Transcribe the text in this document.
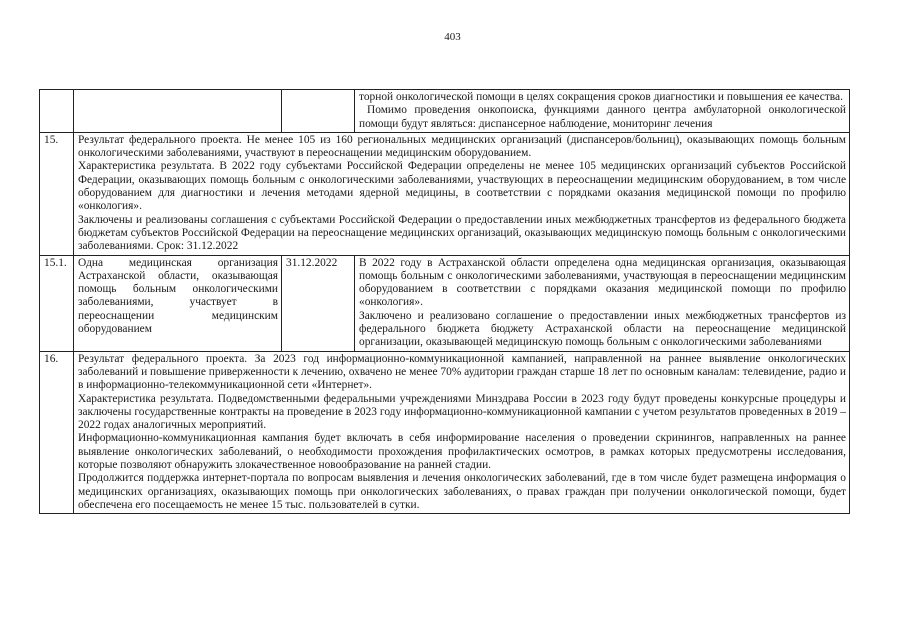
403

			торной онкологической помощи в целях сокращения сроков диагностики и повышения ее качества.

Помимо проведения онкопоиска, функциями данного центра амбулаторной онкологической помощи будут являться: диспансерное наблюдение, мониторинг лечения

15.	Результат федерального проекта. Не менее 105 из 160 региональных медицинских организаций (диспансеров/больниц), оказывающих помощь больным онкологическими заболеваниями, участвуют в переоснащении медицинским оборудованием.

Характеристика результата. В 2022 году субъектами Российской Федерации определены не менее 105 медицинских организаций субъектов Российской Федерации, оказывающих помощь больным с онкологическими заболеваниями, участвующих в переоснащении медицинским оборудованием, в том числе оборудованием для диагностики и лечения методами ядерной медицины, в соответствии с порядками оказания медицинской помощи по профилю «онкология».

Заключены и реализованы соглашения с субъектами Российской Федерации о предоставлении иных межбюджетных трансфертов из федерального бюджета бюджетам субъектов Российской Федерации на переоснащение медицинских организаций, оказывающих медицинскую помощь больным с онкологическими заболеваниями. Срок: 31.12.2022		

15.1.	Одна медицинская организация Астраханской области, оказывающая помощь больным онкологическими заболеваниями, участвует в переоснащении медицинским оборудованием	31.12.2022	В 2022 году в Астраханской области определена одна медицинская организация, оказывающая помощь больным с онкологическими заболеваниями, участвующая в переоснащении медицинским оборудованием в соответствии с порядками оказания медицинской помощи по профилю «онкология».

Заключено и реализовано соглашение о предоставлении иных межбюджетных трансфертов из федерального бюджета бюджету Астраханской области на переоснащение медицинской организации, оказывающей медицинскую помощь больным с онкологическими заболеваниями

16.	Результат федерального проекта. За 2023 год информационно-коммуникационной кампанией, направленной на раннее выявление онкологических заболеваний и повышение приверженности к лечению, охвачено не менее 70% аудитории граждан старше 18 лет по основным каналам: телевидение, радио и в информационно-телекоммуникационной сети «Интернет».

Характеристика результата. Подведомственными федеральными учреждениями Минздрава России в 2023 году будут проведены конкурсные процедуры и заключены государственные контракты на проведение в 2023 году информационно-коммуникационной кампании с учетом результатов проведенных в 2019 – 2022 годах аналогичных мероприятий.

Информационно-коммуникационная кампания будет включать в себя информирование населения о проведении скринингов, направленных на раннее выявление онкологических заболеваний, о необходимости прохождения профилактических осмотров, в рамках которых предусмотрены исследования, которые позволяют обнаружить злокачественное новообразование на ранней стадии.

Продолжится поддержка интернет-портала по вопросам выявления и лечения онкологических заболеваний, где в том числе будет размещена информация о медицинских организациях, оказывающих помощь при онкологических заболеваниях, о правах граждан при получении онкологической помощи, будет обеспечена его посещаемость не менее 15 тыс. пользователей в сутки.		
